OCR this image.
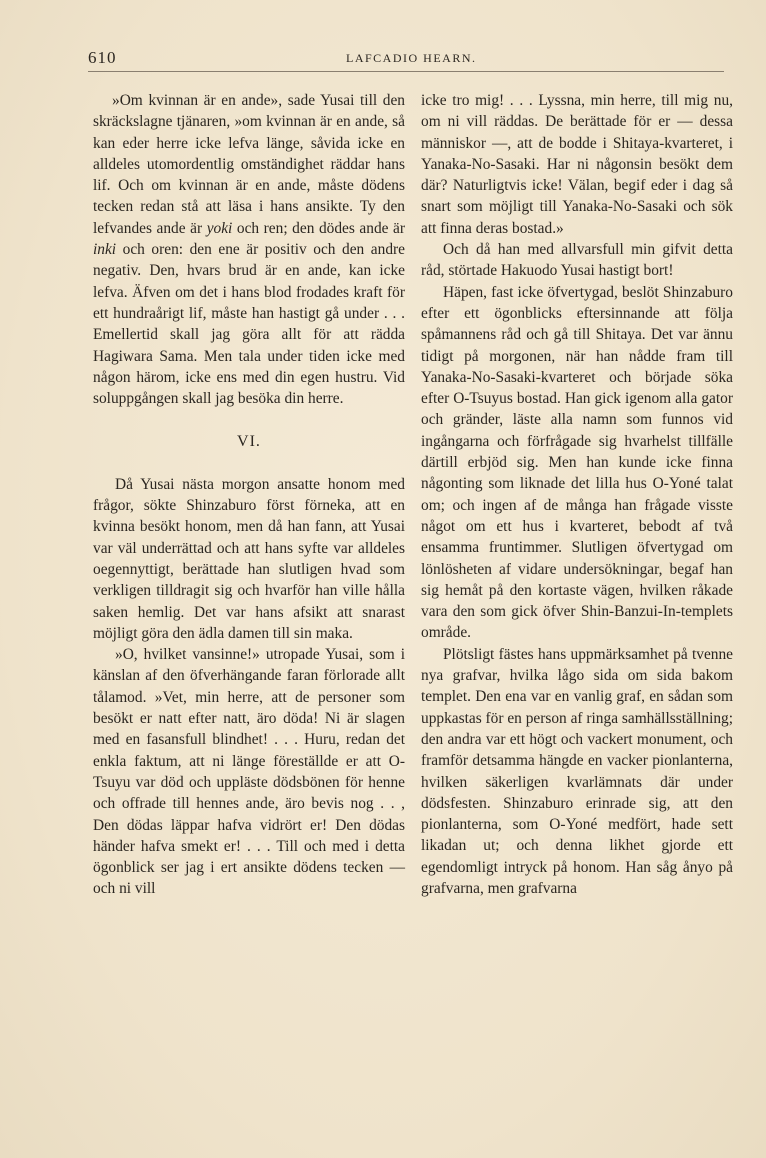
610	LAFCADIO HEARN.

»Om kvinnan är en ande», sade Yusai till den skräckslagne tjänaren, »om kvinnan är en ande, så kan eder herre icke lefva länge, såvida icke en alldeles utomordentlig omständighet räddar hans lif. Och om kvinnan är en ande, måste dödens tecken redan stå att läsa i hans ansikte. Ty den lefvandes ande är yoki och ren; den dödes ande är inki och oren: den ene är positiv och den andre negativ. Den, hvars brud är en ande, kan icke lefva. Äfven om det i hans blod frodades kraft för ett hundraårigt lif, måste han hastigt gå under . . . Emellertid skall jag göra allt för att rädda Hagiwara Sama. Men tala under tiden icke med någon härom, icke ens med din egen hustru. Vid soluppgången skall jag besöka din herre.

VI.

Då Yusai nästa morgon ansatte honom med frågor, sökte Shinzaburo först förneka, att en kvinna besökt honom, men då han fann, att Yusai var väl underrättad och att hans syfte var alldeles oegennyttigt, berättade han slutligen hvad som verkligen tilldragit sig och hvarför han ville hålla saken hemlig. Det var hans afsikt att snarast möjligt göra den ädla damen till sin maka.

»O, hvilket vansinne!» utropade Yusai, som i känslan af den öfverhängande faran förlorade allt tålamod. »Vet, min herre, att de personer som besökt er natt efter natt, äro döda! Ni är slagen med en fasansfull blindhet! . . . Huru, redan det enkla faktum, att ni länge föreställde er att O-Tsuyu var död och uppläste dödsbönen för henne och offrade till hennes ande, äro bevis nog . . , Den dödas läppar hafva vidrört er! Den dödas händer hafva smekt er! . . . Till och med i detta ögonblick ser jag i ert ansikte dödens tecken — och ni vill

icke tro mig! . . . Lyssna, min herre, till mig nu, om ni vill räddas. De berättade för er — dessa människor —, att de bodde i Shitaya-kvarteret, i Yanaka-No-Sasaki. Har ni någonsin besökt dem där? Naturligtvis icke! Välan, begif eder i dag så snart som möjligt till Yanaka-No-Sasaki och sök att finna deras bostad.»

Och då han med allvarsfull min gifvit detta råd, störtade Hakuodo Yusai hastigt bort!

Häpen, fast icke öfvertygad, beslöt Shinzaburo efter ett ögonblicks eftersinnande att följa spåmannens råd och gå till Shitaya. Det var ännu tidigt på morgonen, när han nådde fram till Yanaka-No-Sasaki-kvarteret och började söka efter O-Tsuyus bostad. Han gick igenom alla gator och gränder, läste alla namn som funnos vid ingångarna och förfrågade sig hvarhelst tillfälle därtill erbjöd sig. Men han kunde icke finna någonting som liknade det lilla hus O-Yoné talat om; och ingen af de många han frågade visste något om ett hus i kvarteret, bebodt af två ensamma fruntimmer. Slutligen öfvertygad om lönlösheten af vidare undersökningar, begaf han sig hemåt på den kortaste vägen, hvilken råkade vara den som gick öfver Shin-Banzui-In-templets område.

Plötsligt fästes hans uppmärksamhet på tvenne nya grafvar, hvilka lågo sida om sida bakom templet. Den ena var en vanlig graf, en sådan som uppkastas för en person af ringa samhällsställning; den andra var ett högt och vackert monument, och framför detsamma hängde en vacker pionlanterna, hvilken säkerligen kvarlämnats där under dödsfesten. Shinzaburo erinrade sig, att den pionlanterna, som O-Yoné medfört, hade sett likadan ut; och denna likhet gjorde ett egendomligt intryck på honom. Han såg ånyo på grafvarna, men grafvarna
